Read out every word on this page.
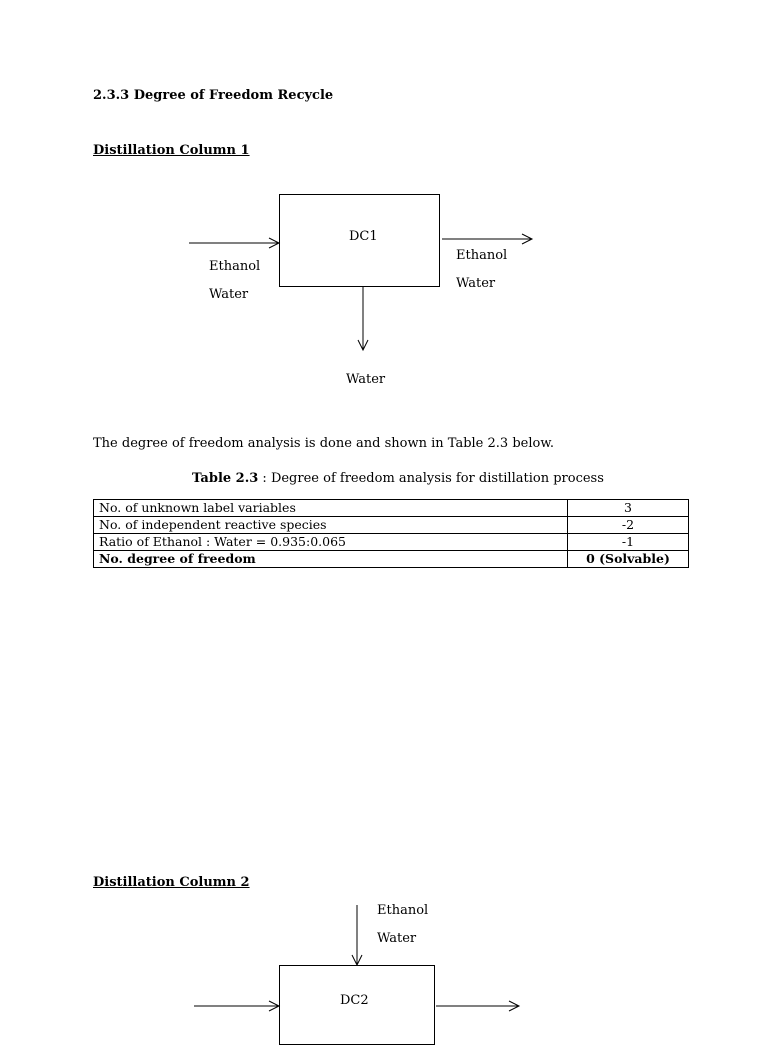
2.3.3 Degree of Freedom Recycle
Distillation Column 1
DC1
Ethanol
Water
Ethanol
Water
Water
The degree of freedom analysis is done and shown in Table 2.3 below.
Table 2.3 : Degree of freedom analysis for distillation process
No. of unknown label variables	3
No. of independent reactive species	-2
Ratio of Ethanol : Water = 0.935:0.065	-1
No. degree of freedom	0 (Solvable)
Distillation Column 2
Ethanol
Water
DC2
